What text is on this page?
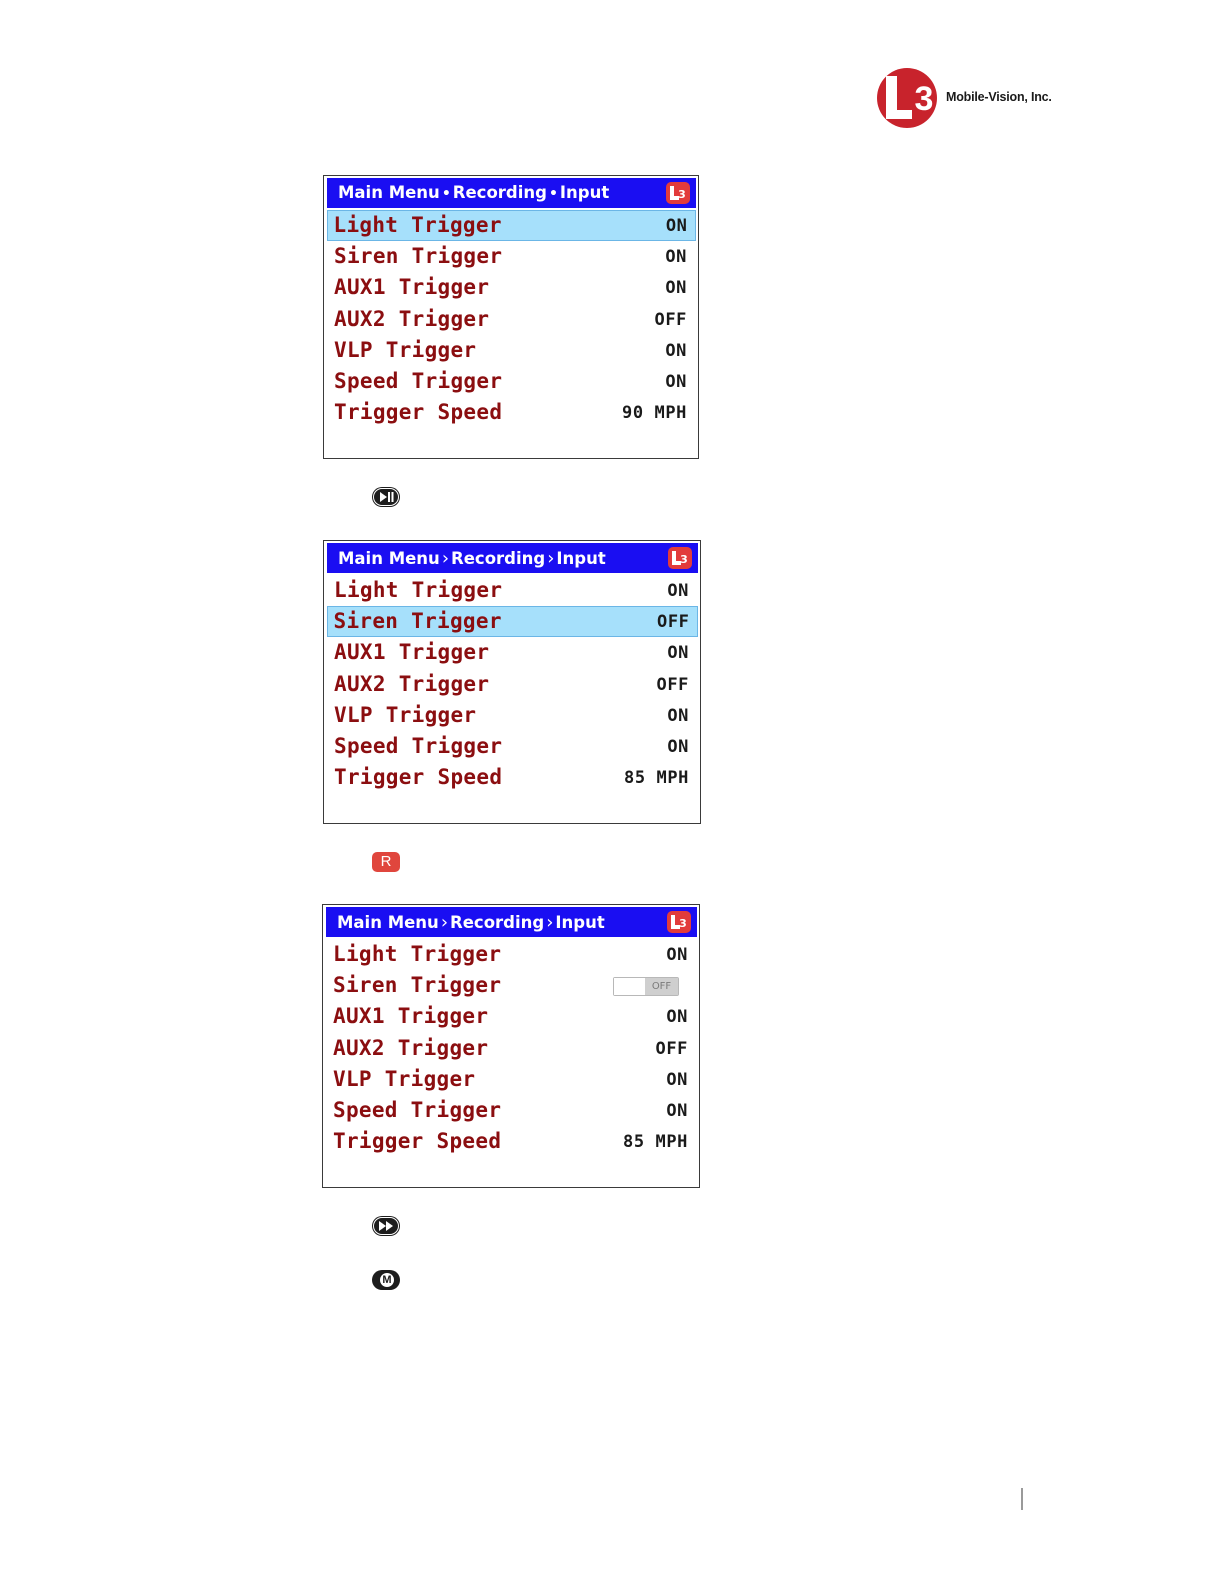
3 Mobile-Vision, Inc.
Main Menu • Recording • Input	3
Light Trigger	ON
Siren Trigger	ON
AUX1 Trigger	ON
AUX2 Trigger	OFF
VLP Trigger	ON
Speed Trigger	ON
Trigger Speed	90 MPH
Main Menu › Recording › Input	3
Light Trigger	ON
Siren Trigger	OFF
AUX1 Trigger	ON
AUX2 Trigger	OFF
VLP Trigger	ON
Speed Trigger	ON
Trigger Speed	85 MPH
R
Main Menu › Recording › Input	3
Light Trigger	ON
Siren Trigger	OFF
AUX1 Trigger	ON
AUX2 Trigger	OFF
VLP Trigger	ON
Speed Trigger	ON
Trigger Speed	85 MPH
M
